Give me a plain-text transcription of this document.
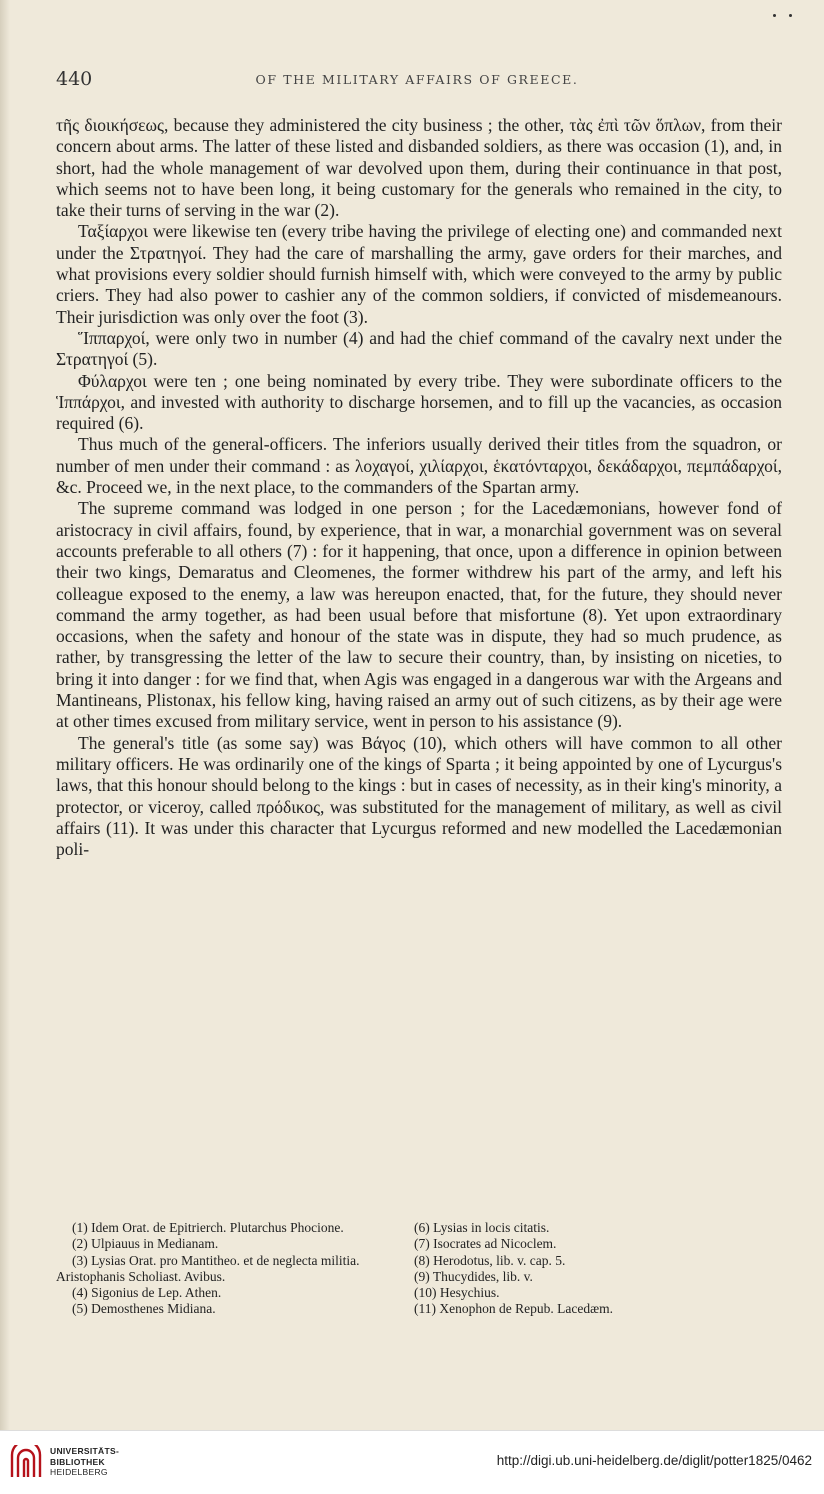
440	OF THE MILITARY AFFAIRS OF GREECE.

τῆς διοικήσεως, because they administered the city business ; the other, τὰς ἐπὶ τῶν ὅπλων, from their concern about arms. The latter of these listed and disbanded soldiers, as there was occasion (1), and, in short, had the whole management of war devolved upon them, during their continuance in that post, which seems not to have been long, it being customary for the generals who remained in the city, to take their turns of serving in the war (2).

Ταξίαρχοι were likewise ten (every tribe having the privilege of electing one) and commanded next under the Στρατηγοί. They had the care of marshalling the army, gave orders for their marches, and what provisions every soldier should furnish himself with, which were conveyed to the army by public criers. They had also power to cashier any of the common soldiers, if convicted of misdemeanours. Their jurisdiction was only over the foot (3).

Ἵππαρχοί, were only two in number (4) and had the chief command of the cavalry next under the Στρατηγοί (5).

Φύλαρχοι were ten ; one being nominated by every tribe. They were subordinate officers to the Ἱππάρχοι, and invested with authority to discharge horsemen, and to fill up the vacancies, as occasion required (6).

Thus much of the general-officers. The inferiors usually derived their titles from the squadron, or number of men under their command : as λοχαγοί, χιλίαρχοι, ἑκατόνταρχοι, δεκάδαρχοι, πεμπάδαρχοί, &c. Proceed we, in the next place, to the commanders of the Spartan army.

The supreme command was lodged in one person ; for the Lacedæmonians, however fond of aristocracy in civil affairs, found, by experience, that in war, a monarchial government was on several accounts preferable to all others (7) : for it happening, that once, upon a difference in opinion between their two kings, Demaratus and Cleomenes, the former withdrew his part of the army, and left his colleague exposed to the enemy, a law was hereupon enacted, that, for the future, they should never command the army together, as had been usual before that misfortune (8). Yet upon extraordinary occasions, when the safety and honour of the state was in dispute, they had so much prudence, as rather, by transgressing the letter of the law to secure their country, than, by insisting on niceties, to bring it into danger : for we find that, when Agis was engaged in a dangerous war with the Argeans and Mantineans, Plistonax, his fellow king, having raised an army out of such citizens, as by their age were at other times excused from military service, went in person to his assistance (9).

The general's title (as some say) was Βάγος (10), which others will have common to all other military officers. He was ordinarily one of the kings of Sparta ; it being appointed by one of Lycurgus's laws, that this honour should belong to the kings : but in cases of necessity, as in their king's minority, a protector, or viceroy, called πρόδικος, was substituted for the management of military, as well as civil affairs (11). It was under this character that Lycurgus reformed and new modelled the Lacedæmonian poli-

(1) Idem Orat. de Epitrierch. Plutarchus Phocione.

(2) Ulpiauus in Medianam.

(3) Lysias Orat. pro Mantitheo. et de neglecta militia. Aristophanis Scholiast. Avibus.

(4) Sigonius de Lep. Athen.

(5) Demosthenes Midiana.

(6) Lysias in locis citatis.

(7) Isocrates ad Nicoclem.

(8) Herodotus, lib. v. cap. 5.

(9) Thucydides, lib. v.

(10) Hesychius.

(11) Xenophon de Repub. Lacedæm.

UNIVERSITÄTS-
BIBLIOTHEK
HEIDELBERG
http://digi.ub.uni-heidelberg.de/diglit/potter1825/0462
